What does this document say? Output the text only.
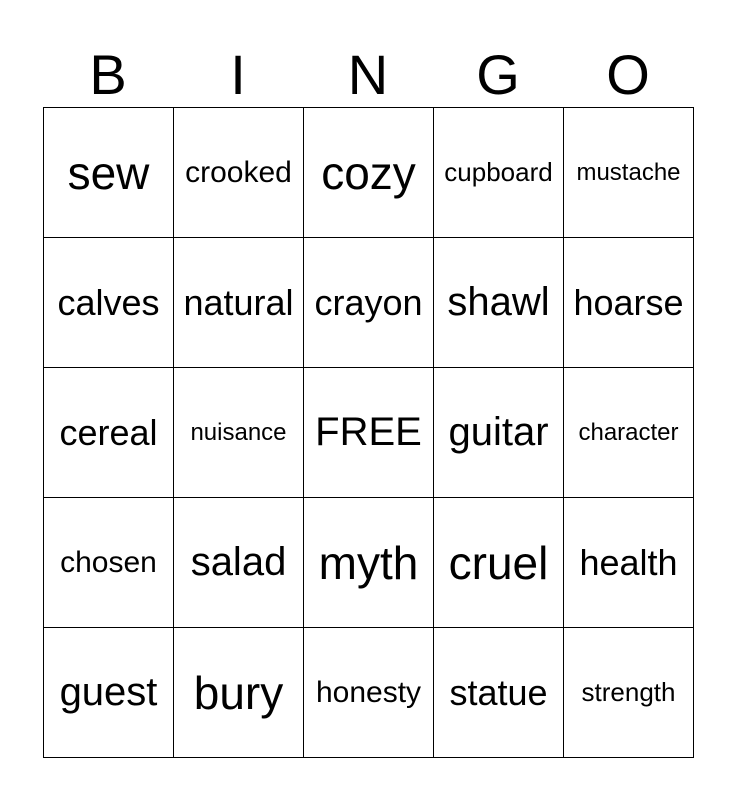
B	I	N	G	O
sew	crooked cozy	cupboard mustache
calves natural crayon shawl hoarse
cereal	nuisance FREE guitar	character
chosen salad myth cruel health
guest bury	honesty statue	strength
